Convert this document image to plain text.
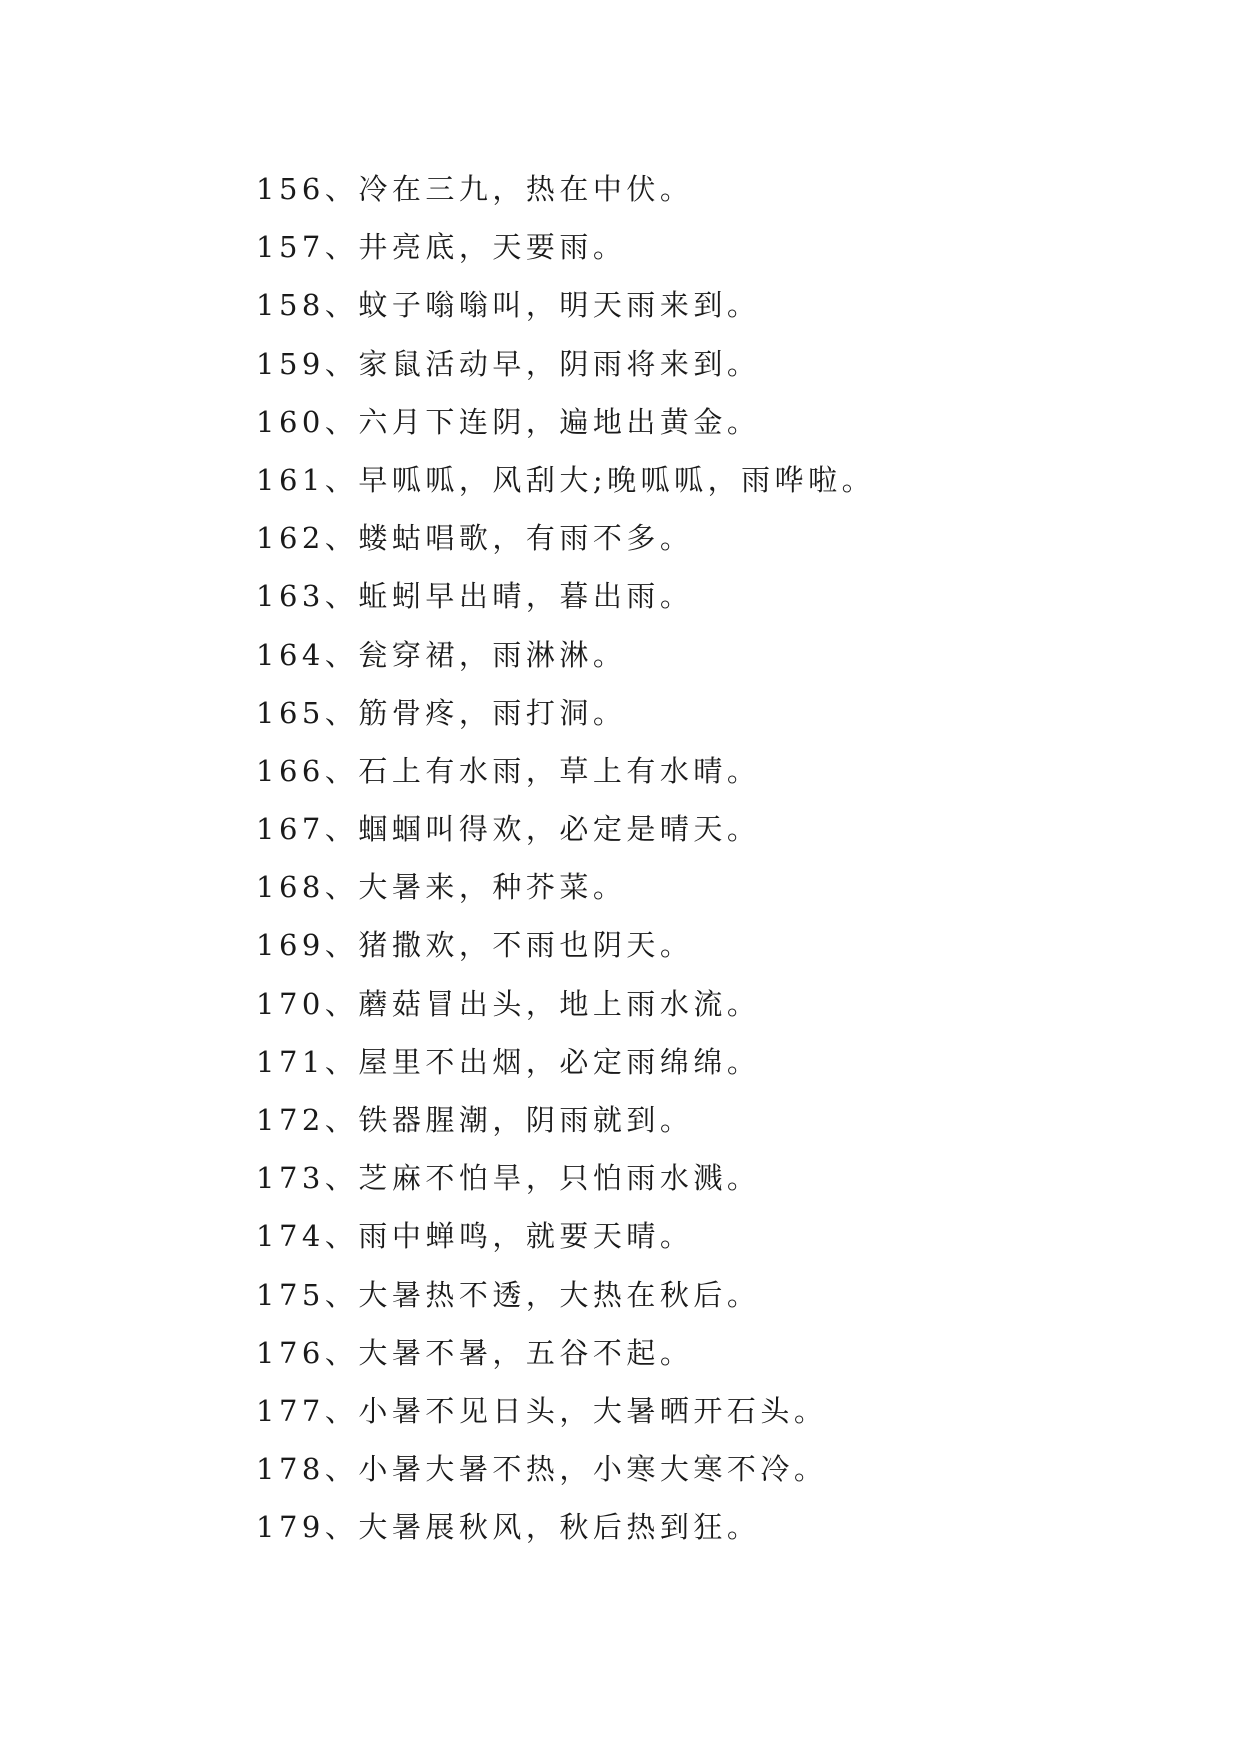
156、冷在三九，热在中伏。
157、井亮底，天要雨。
158、蚊子嗡嗡叫，明天雨来到。
159、家鼠活动早，阴雨将来到。
160、六月下连阴，遍地出黄金。
161、早呱呱，风刮大;晚呱呱，雨哗啦。
162、蝼蛄唱歌，有雨不多。
163、蚯蚓早出晴，暮出雨。
164、瓮穿裙，雨淋淋。
165、筋骨疼，雨打洞。
166、石上有水雨，草上有水晴。
167、蝈蝈叫得欢，必定是晴天。
168、大暑来，种芥菜。
169、猪撒欢，不雨也阴天。
170、蘑菇冒出头，地上雨水流。
171、屋里不出烟，必定雨绵绵。
172、铁器腥潮，阴雨就到。
173、芝麻不怕旱，只怕雨水溅。
174、雨中蝉鸣，就要天晴。
175、大暑热不透，大热在秋后。
176、大暑不暑，五谷不起。
177、小暑不见日头，大暑晒开石头。
178、小暑大暑不热，小寒大寒不冷。
179、大暑展秋风，秋后热到狂。
